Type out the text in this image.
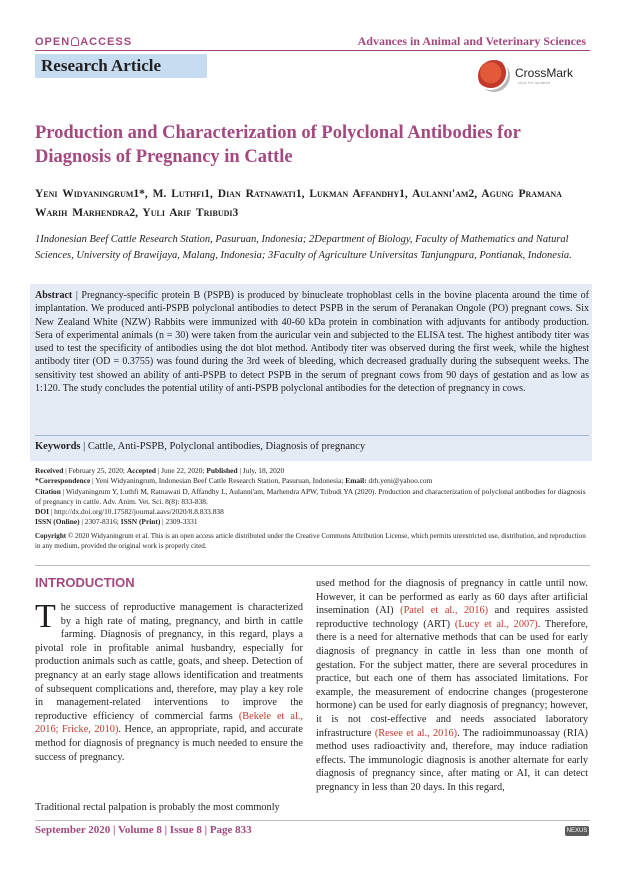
OPEN ACCESS	Advances in Animal and Veterinary Sciences
Research Article	CrossMark
click for updates
Production and Characterization of Polyclonal Antibodies for Diagnosis of Pregnancy in Cattle
Yeni Widyaningrum1*, M. Luthfi1, Dian Ratnawati1, Lukman Affandhy1, Aulanni'am2, Agung Pramana Warih Marhendra2, Yuli Arif Tribudi3
1Indonesian Beef Cattle Research Station, Pasuruan, Indonesia; 2Department of Biology, Faculty of Mathematics and Natural Sciences, University of Brawijaya, Malang, Indonesia; 3Faculty of Agriculture Universitas Tanjungpura, Pontianak, Indonesia.
Abstract | Pregnancy-specific protein B (PSPB) is produced by binucleate trophoblast cells in the bovine placenta around the time of implantation. We produced anti-PSPB polyclonal antibodies to detect PSPB in the serum of Peranakan Ongole (PO) pregnant cows. Six New Zealand White (NZW) Rabbits were immunized with 40-60 kDa protein in combination with adjuvants for antibody production. Sera of experimental animals (n = 30) were taken from the auricular vein and subjected to the ELISA test. The highest antibody titer was used to test the specificity of antibodies using the dot blot method. Antibody titer was observed during the first week, while the highest antibody titer (OD = 0.3755) was found during the 3rd week of bleeding, which decreased gradually during the subsequent weeks. The sensitivity test showed an ability of anti-PSPB to detect PSPB in the serum of pregnant cows from 90 days of gestation and as low as 1:120. The study concludes the potential utility of anti-PSPB polyclonal antibodies for the detection of pregnancy in cows.
Keywords | Cattle, Anti-PSPB, Polyclonal antibodies, Diagnosis of pregnancy
Received | February 25, 2020; Accepted | June 22, 2020; Published | July, 18, 2020
*Correspondence | Yeni Widyaningrum, Indonesian Beef Cattle Research Station, Pasuruan, Indonesia; Email: drh.yeni@yahoo.com
Citation | Widyaningrum Y, Luthfi M, Ratnawati D, Affandhy L, Aulanni'am, Marhendra APW, Tribudi YA (2020). Production and characterization of polyclonal antibodies for diagnosis of pregnancy in cattle. Adv. Anim. Vet. Sci. 8(8): 833-838.
DOI | http://dx.doi.org/10.17582/journal.aavs/2020/8.8.833.838
ISSN (Online) | 2307-8316; ISSN (Print) | 2309-3331
Copyright © 2020 Widyaningrum et al. This is an open access article distributed under the Creative Commons Attribution License, which permits unrestricted use, distribution, and reproduction in any medium, provided the original work is properly cited.
INTRODUCTION
The success of reproductive management is characterized by a high rate of mating, pregnancy, and birth in cattle farming. Diagnosis of pregnancy, in this regard, plays a pivotal role in profitable animal husbandry, especially for production animals such as cattle, goats, and sheep. Detection of pregnancy at an early stage allows identification and treatments of subsequent complications and, therefore, may play a key role in management-related interventions to improve the reproductive efficiency of commercial farms (Bekele et al., 2016; Fricke, 2010). Hence, an appropriate, rapid, and accurate method for diagnosis of pregnancy is much needed to ensure the success of pregnancy.
Traditional rectal palpation is probably the most commonly
used method for the diagnosis of pregnancy in cattle until now. However, it can be performed as early as 60 days after artificial insemination (AI) (Patel et al., 2016) and requires assisted reproductive technology (ART) (Lucy et al., 2007). Therefore, there is a need for alternative methods that can be used for early diagnosis of pregnancy in cattle in less than one month of gestation. For the subject matter, there are several procedures in practice, but each one of them has associated limitations. For example, the measurement of endocrine changes (progesterone hormone) can be used for early diagnosis of pregnancy; however, it is not cost-effective and needs associated laboratory infrastructure (Resee et al., 2016). The radioimmunoassay (RIA) method uses radioactivity and, therefore, may induce radiation effects. The immunologic diagnosis is another alternate for early diagnosis of pregnancy since, after mating or AI, it can detect pregnancy in less than 20 days. In this regard,
September 2020 | Volume 8 | Issue 8 | Page 833	NEXUS
